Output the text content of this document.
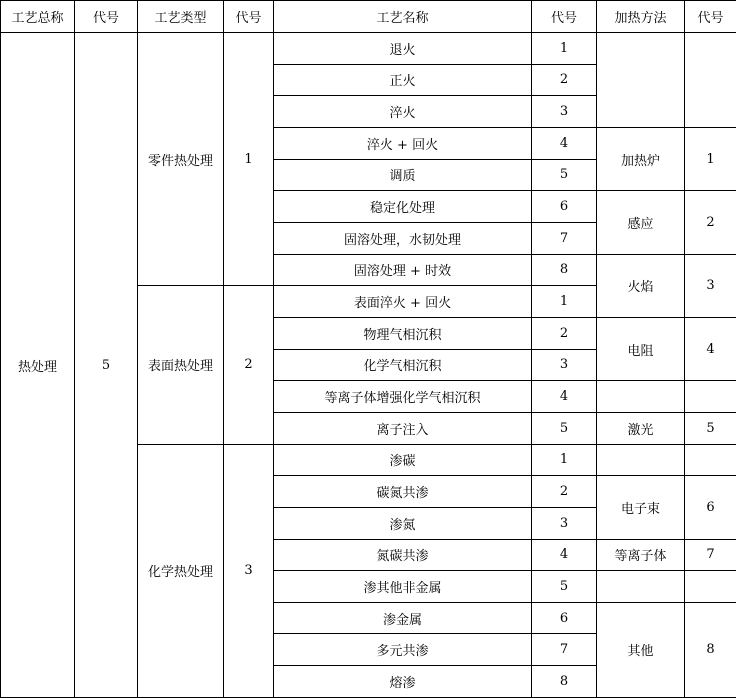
工艺总称	代号	工艺类型	代号	工艺名称	代号	加热方法	代号
热处理	5	零件热处理	1	退火	1		
				正火	2		
				淬火	3		
				淬火 + 回火	4	加热炉	1
				调质	5		
				稳定化处理	6	感应	2
				固溶处理，水韧处理	7		
				固溶处理 + 时效	8	火焰	3
		表面热处理	2	表面淬火 + 回火	1		
				物理气相沉积	2	电阻	4
				化学气相沉积	3		
				等离子体增强化学气相沉积	4		
				离子注入	5	激光	5
		化学热处理	3	渗碳	1		
				碳氮共渗	2	电子束	6
				渗氮	3		
				氮碳共渗	4	等离子体	7
				渗其他非金属	5		
				渗金属	6	其他	8
				多元共渗	7		
				熔渗	8		
